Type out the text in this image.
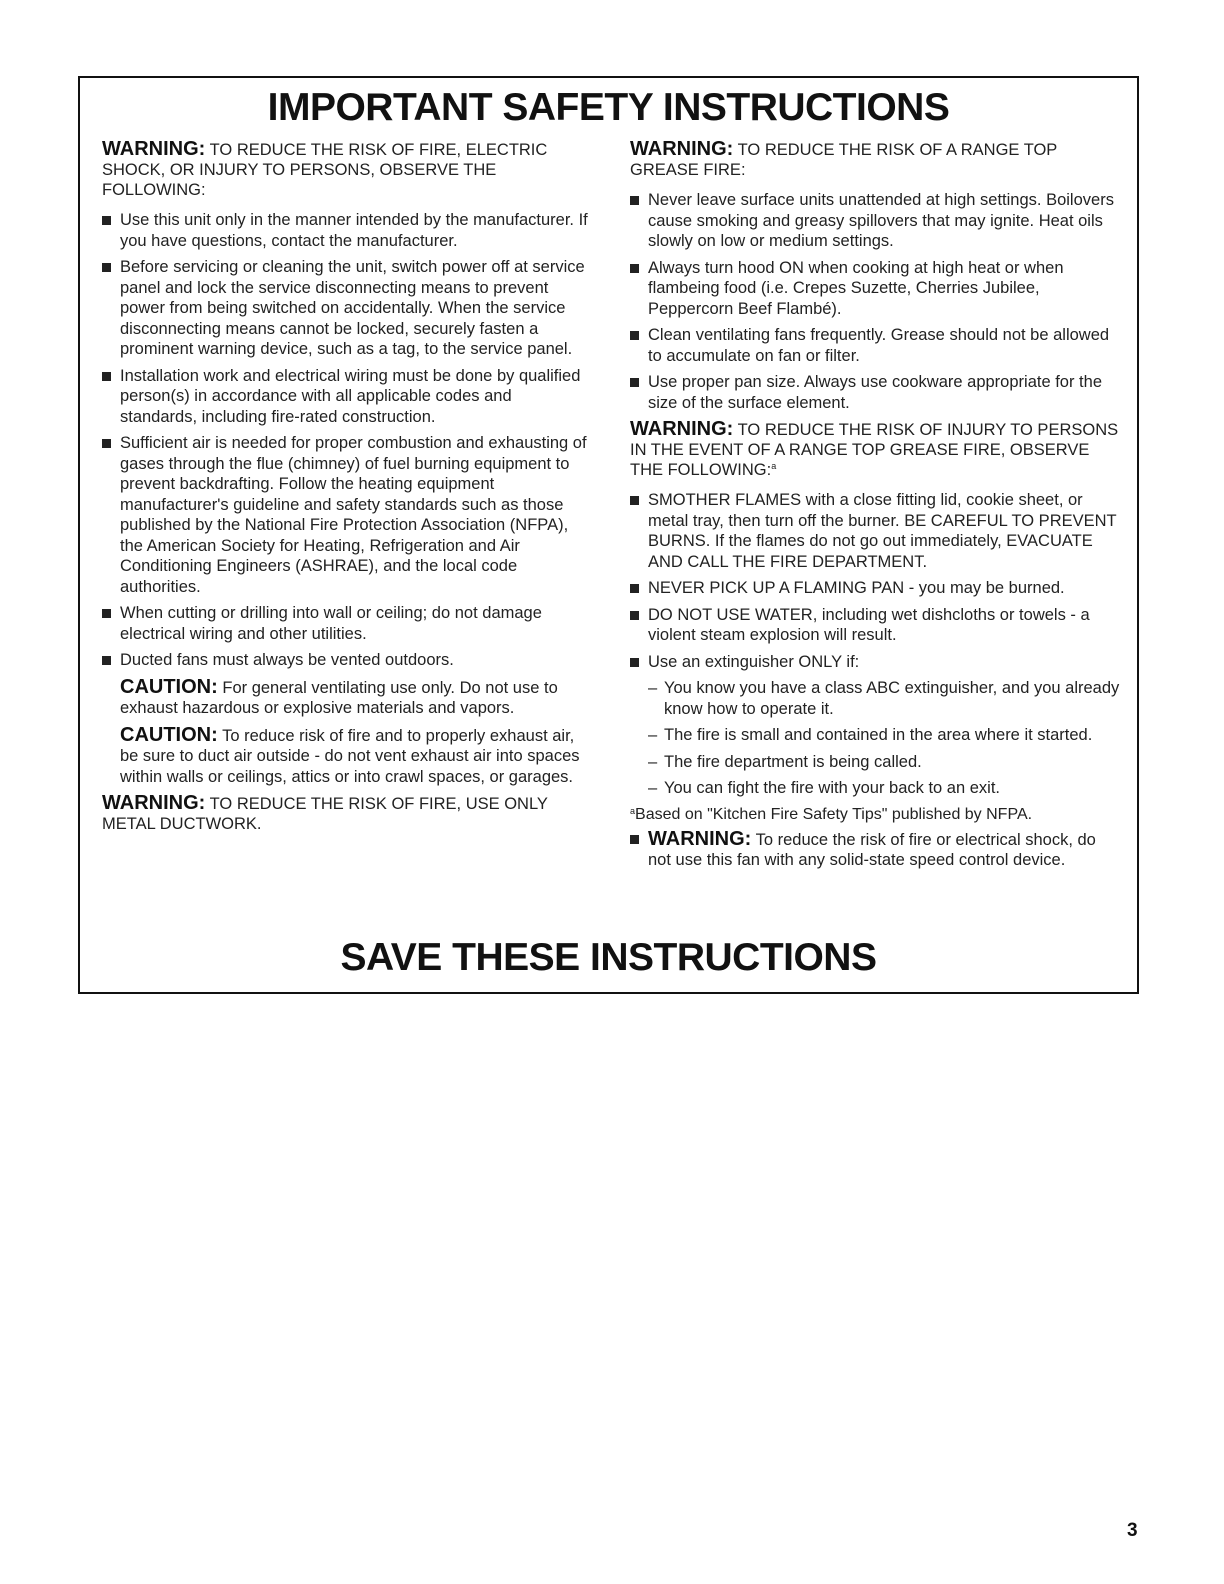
IMPORTANT SAFETY INSTRUCTIONS

WARNING: TO REDUCE THE RISK OF FIRE, ELECTRIC SHOCK, OR INJURY TO PERSONS, OBSERVE THE FOLLOWING:

Use this unit only in the manner intended by the manufacturer. If you have questions, contact the manufacturer.
Before servicing or cleaning the unit, switch power off at service panel and lock the service disconnecting means to prevent power from being switched on accidentally. When the service disconnecting means cannot be locked, securely fasten a prominent warning device, such as a tag, to the service panel.
Installation work and electrical wiring must be done by qualified person(s) in accordance with all applicable codes and standards, including fire-rated construction.
Sufficient air is needed for proper combustion and exhausting of gases through the flue (chimney) of fuel burning equipment to prevent backdrafting. Follow the heating equipment manufacturer's guideline and safety standards such as those published by the National Fire Protection Association (NFPA), the American Society for Heating, Refrigeration and Air Conditioning Engineers (ASHRAE), and the local code authorities.
When cutting or drilling into wall or ceiling; do not damage electrical wiring and other utilities.
Ducted fans must always be vented outdoors.

CAUTION: For general ventilating use only. Do not use to exhaust hazardous or explosive materials and vapors.

CAUTION: To reduce risk of fire and to properly exhaust air, be sure to duct air outside - do not vent exhaust air into spaces within walls or ceilings, attics or into crawl spaces, or garages.

WARNING: TO REDUCE THE RISK OF FIRE, USE ONLY METAL DUCTWORK.

WARNING: TO REDUCE THE RISK OF A RANGE TOP GREASE FIRE:

Never leave surface units unattended at high settings. Boilovers cause smoking and greasy spillovers that may ignite. Heat oils slowly on low or medium settings.
Always turn hood ON when cooking at high heat or when flambeing food (i.e. Crepes Suzette, Cherries Jubilee, Peppercorn Beef Flambé).
Clean ventilating fans frequently. Grease should not be allowed to accumulate on fan or filter.
Use proper pan size. Always use cookware appropriate for the size of the surface element.

WARNING: TO REDUCE THE RISK OF INJURY TO PERSONS IN THE EVENT OF A RANGE TOP GREASE FIRE, OBSERVE THE FOLLOWING:$^a$

SMOTHER FLAMES with a close fitting lid, cookie sheet, or metal tray, then turn off the burner. BE CAREFUL TO PREVENT BURNS. If the flames do not go out immediately, EVACUATE AND CALL THE FIRE DEPARTMENT.
NEVER PICK UP A FLAMING PAN - you may be burned.
DO NOT USE WATER, including wet dishcloths or towels - a violent steam explosion will result.
Use an extinguisher ONLY if:
– You know you have a class ABC extinguisher, and you already know how to operate it.
– The fire is small and contained in the area where it started.
– The fire department is being called.
– You can fight the fire with your back to an exit.

$^a$Based on "Kitchen Fire Safety Tips" published by NFPA.

WARNING: To reduce the risk of fire or electrical shock, do not use this fan with any solid-state speed control device.
SAVE THESE INSTRUCTIONS
3
